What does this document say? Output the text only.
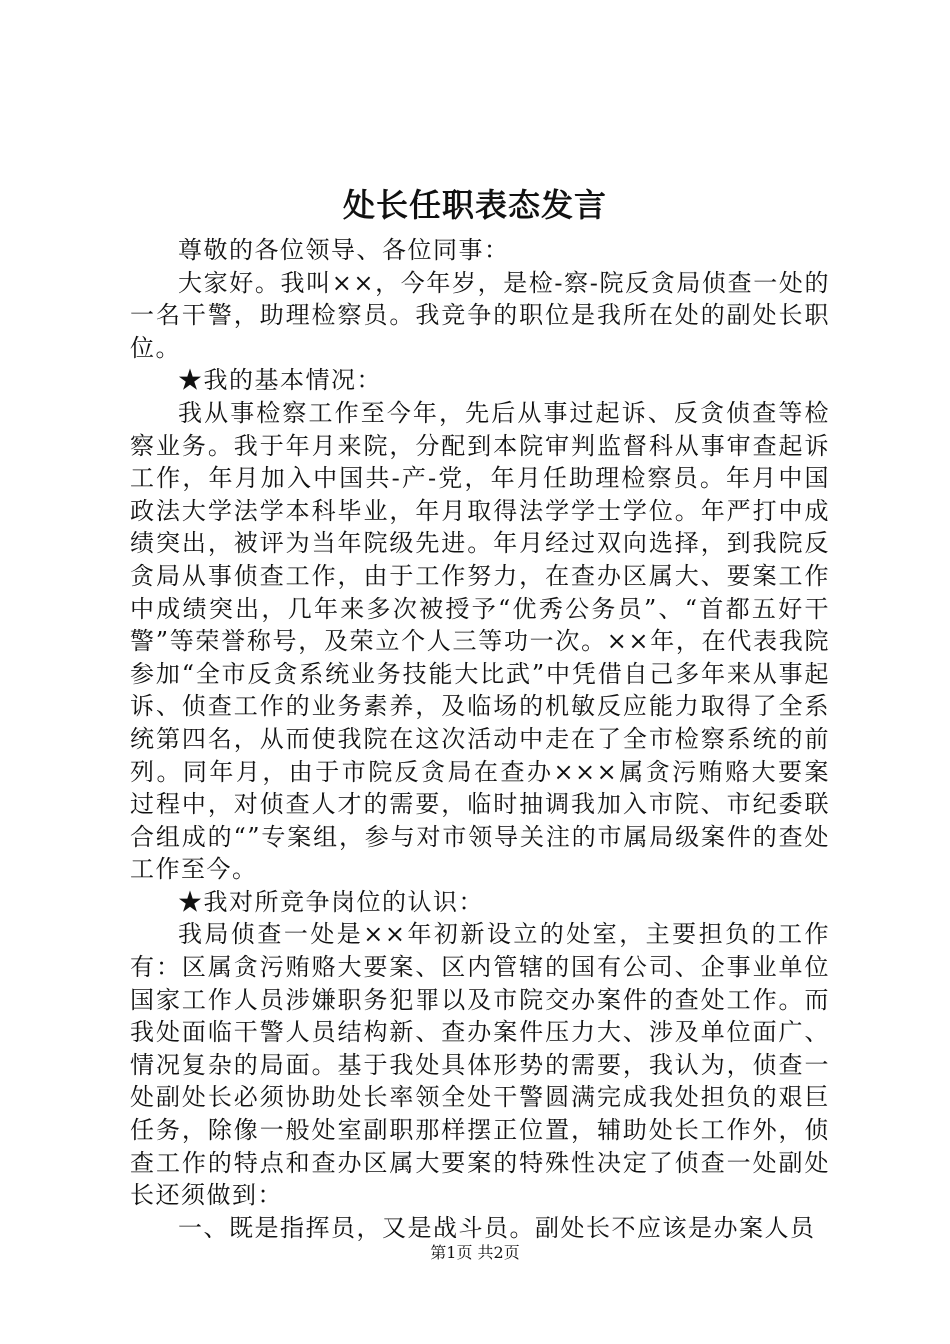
处长任职表态发言

尊敬的各位领导、各位同事：

大家好。我叫××，今年岁，是检-察-院反贪局侦查一处的一名干警，助理检察员。我竞争的职位是我所在处的副处长职位。

★我的基本情况：

我从事检察工作至今年，先后从事过起诉、反贪侦查等检察业务。我于年月来院，分配到本院审判监督科从事审查起诉工作，年月加入中国共-产-党，年月任助理检察员。年月中国政法大学法学本科毕业，年月取得法学学士学位。年严打中成绩突出，被评为当年院级先进。年月经过双向选择，到我院反贪局从事侦查工作，由于工作努力，在查办区属大、要案工作中成绩突出，几年来多次被授予“优秀公务员”、“首都五好干警”等荣誉称号，及荣立个人三等功一次。××年，在代表我院参加“全市反贪系统业务技能大比武”中凭借自己多年来从事起诉、侦查工作的业务素养，及临场的机敏反应能力取得了全系统第四名，从而使我院在这次活动中走在了全市检察系统的前列。同年月，由于市院反贪局在查办×××属贪污贿赂大要案过程中，对侦查人才的需要，临时抽调我加入市院、市纪委联合组成的“”专案组，参与对市领导关注的市属局级案件的查处工作至今。

★我对所竞争岗位的认识：

我局侦查一处是××年初新设立的处室，主要担负的工作有：区属贪污贿赂大要案、区内管辖的国有公司、企事业单位国家工作人员涉嫌职务犯罪以及市院交办案件的查处工作。而我处面临干警人员结构新、查办案件压力大、涉及单位面广、情况复杂的局面。基于我处具体形势的需要，我认为，侦查一处副处长必须协助处长率领全处干警圆满完成我处担负的艰巨任务，除像一般处室副职那样摆正位置，辅助处长工作外，侦查工作的特点和查办区属大要案的特殊性决定了侦查一处副处长还须做到：

一、既是指挥员，又是战斗员。副处长不应该是办案人员

第1页 共2页
